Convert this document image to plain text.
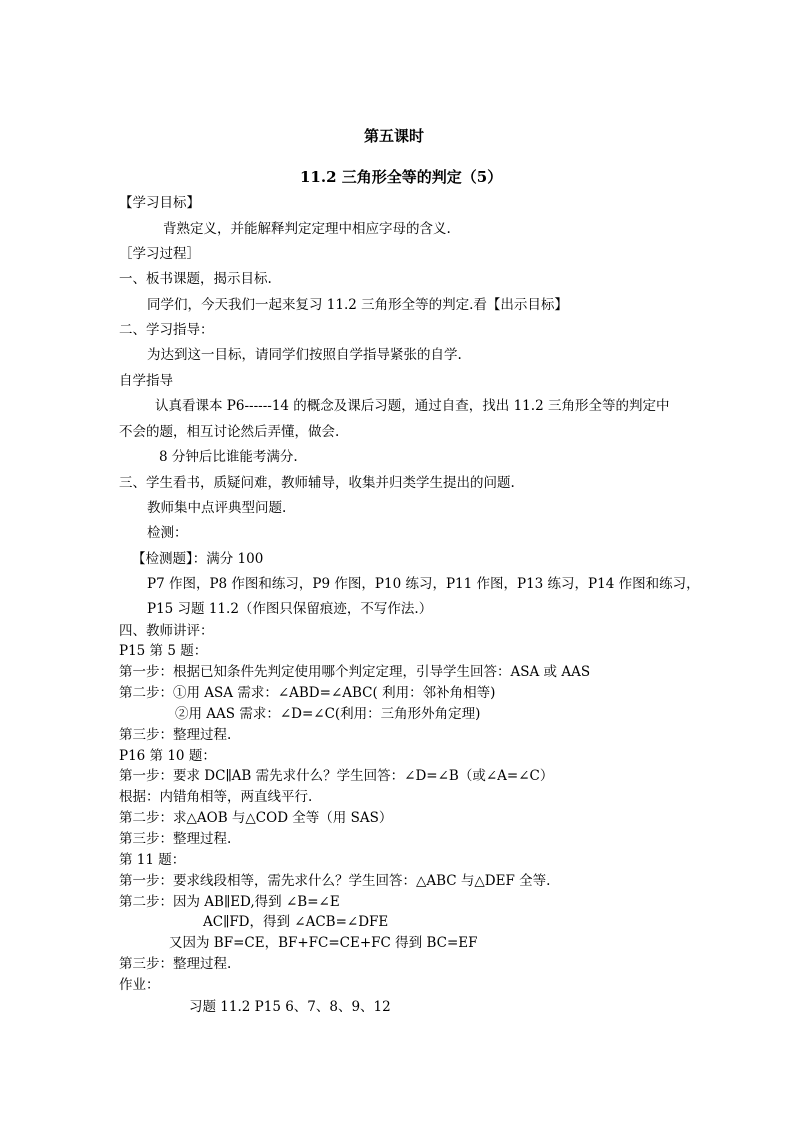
第五课时
11.2 三角形全等的判定（5）
【学习目标】
背熟定义，并能解释判定定理中相应字母的含义.
［学习过程］
一、板书课题，揭示目标.
同学们，今天我们一起来复习 11.2 三角形全等的判定.看【出示目标】
二、学习指导：
为达到这一目标，请同学们按照自学指导紧张的自学.
自学指导
认真看课本 P6------14 的概念及课后习题，通过自查，找出 11.2 三角形全等的判定中
不会的题，相互讨论然后弄懂，做会.
8 分钟后比谁能考满分.
三、学生看书，质疑问难，教师辅导，收集并归类学生提出的问题.
教师集中点评典型问题.
检测：
【检测题】：满分 100
P7 作图，P8 作图和练习，P9 作图，P10 练习，P11 作图，P13 练习，P14 作图和练习，
P15 习题 11.2（作图只保留痕迹，不写作法.）
四、教师讲评：
P15 第 5 题：
第一步：根据已知条件先判定使用哪个判定定理，引导学生回答：ASA 或 AAS
第二步：①用 ASA 需求：∠ABD=∠ABC( 利用：邻补角相等)
②用 AAS 需求：∠D=∠C(利用：三角形外角定理)
第三步：整理过程.
P16 第 10 题：
第一步：要求 DC∥AB 需先求什么？学生回答：∠D=∠B（或∠A=∠C）
根据：内错角相等，两直线平行.
第二步：求△AOB 与△COD 全等（用 SAS）
第三步：整理过程.
第 11 题：
第一步：要求线段相等，需先求什么？学生回答：△ABC 与△DEF 全等.
第二步：因为 AB∥ED,得到 ∠B=∠E
AC∥FD，得到 ∠ACB=∠DFE
又因为 BF=CE，BF+FC=CE+FC 得到 BC=EF
第三步：整理过程.
作业：
习题 11.2 P15 6、7、8、9、12
